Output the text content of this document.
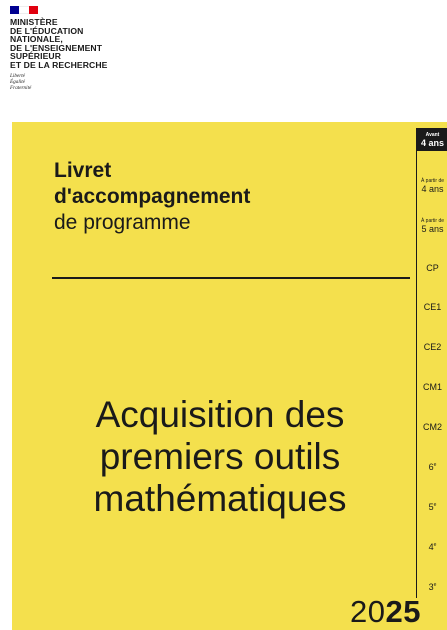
MINISTÈRE
DE L'ÉDUCATION
NATIONALE,
DE L'ENSEIGNEMENT
SUPÉRIEUR
ET DE LA RECHERCHE
Liberté
Égalité
Fraternité
Livret
d'accompagnement
de programme
Acquisition des
premiers outils
mathématiques
2025
Avant
4 ans
À partir de
4 ans
À partir de
5 ans
CP
CE1
CE2
CM1
CM2
6e
5e
4e
3e
